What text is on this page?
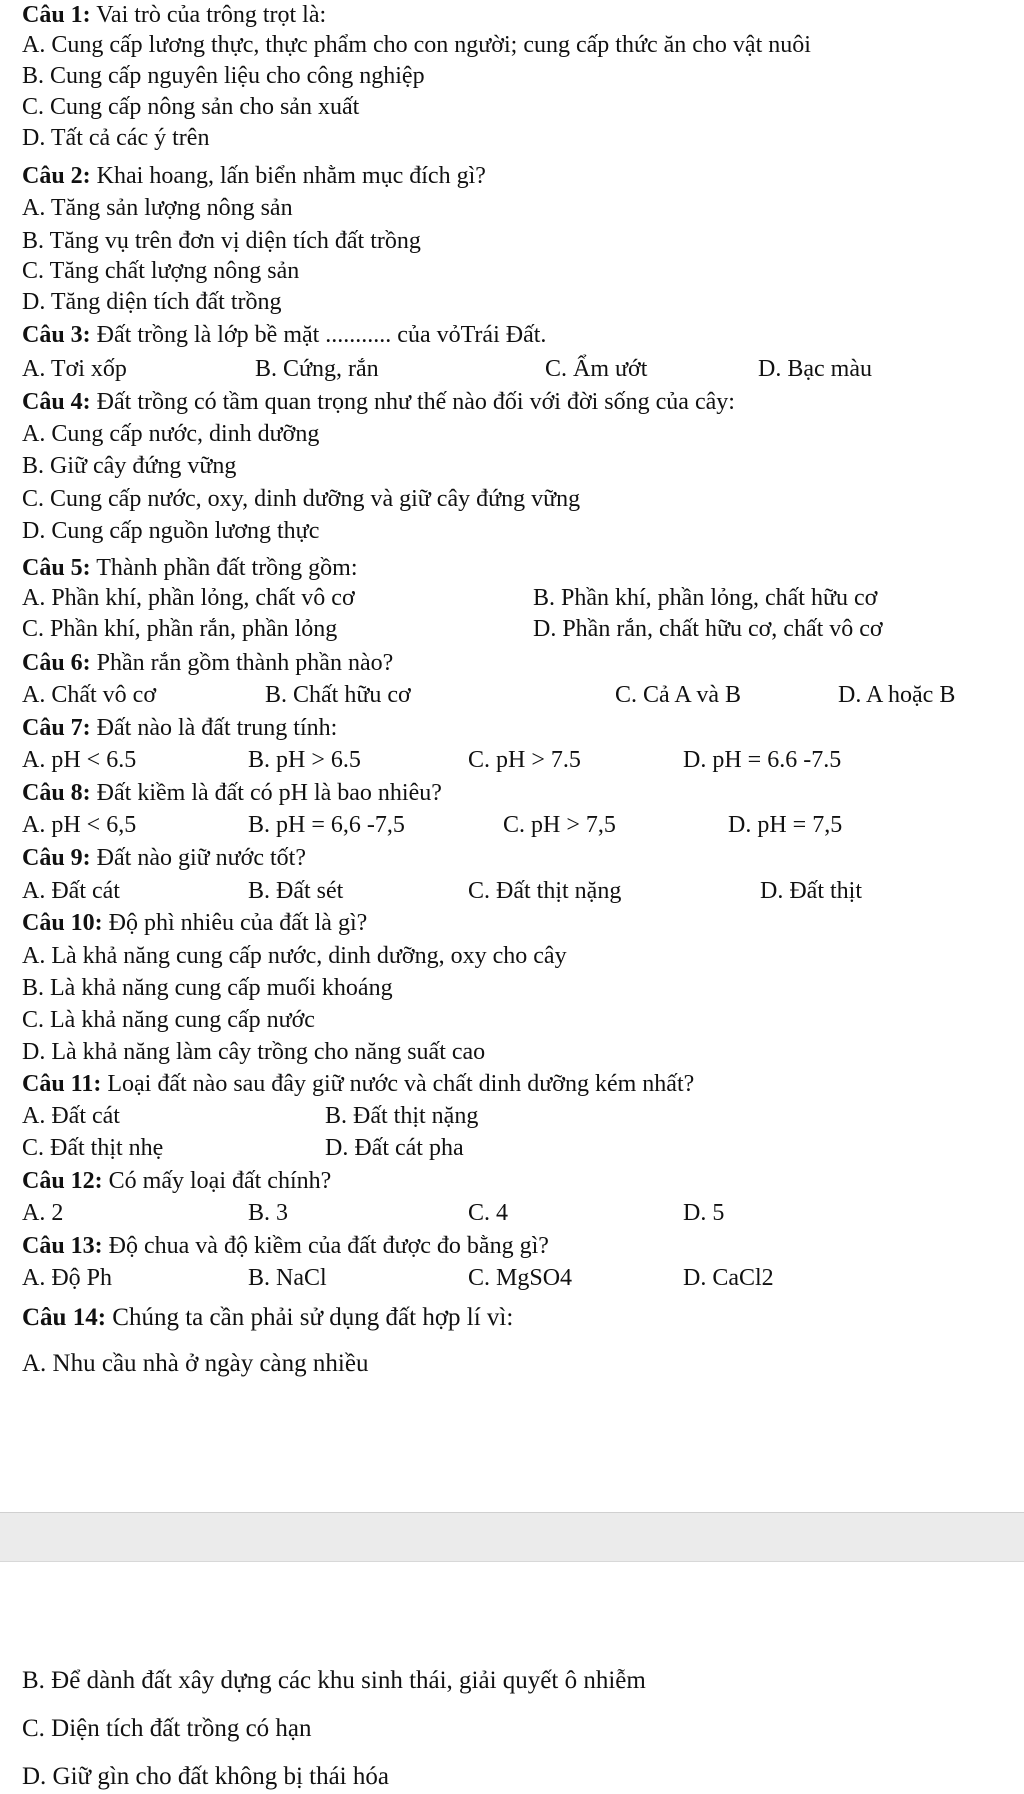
Câu 1: Vai trò của trông trọt là:

A. Cung cấp lương thực, thực phẩm cho con người; cung cấp thức ăn cho vật nuôi

B. Cung cấp nguyên liệu cho công nghiệp

C. Cung cấp nông sản cho sản xuất

D. Tất cả các ý trên

Câu 2: Khai hoang, lấn biển nhằm mục đích gì?

A. Tăng sản lượng nông sản

B. Tăng vụ trên đơn vị diện tích đất trồng

C. Tăng chất lượng nông sản

D. Tăng diện tích đất trồng

Câu 3: Đất trồng là lớp bề mặt ........... của vỏTrái Đất.

A. Tơi xốp	B. Cứng, rắn	C. Ẩm ướt	D. Bạc màu

Câu 4: Đất trồng có tầm quan trọng như thế nào đối với đời sống của cây:

A. Cung cấp nước, dinh dưỡng

B. Giữ cây đứng vững

C. Cung cấp nước, oxy, dinh dưỡng và giữ cây đứng vững

D. Cung cấp nguồn lương thực

Câu 5: Thành phần đất trồng gồm:

A. Phần khí, phần lỏng, chất vô cơ	B. Phần khí, phần lỏng, chất hữu cơ
C. Phần khí, phần rắn, phần lỏng	D. Phần rắn, chất hữu cơ, chất vô cơ

Câu 6: Phần rắn gồm thành phần nào?

A. Chất vô cơ	B. Chất hữu cơ	C. Cả A và B	D. A hoặc B

Câu 7: Đất nào là đất trung tính:

A. pH < 6.5	B. pH > 6.5	C. pH > 7.5	D. pH = 6.6 -7.5

Câu 8: Đất kiềm là đất có pH là bao nhiêu?

A. pH < 6,5	B. pH = 6,6 -7,5	C. pH > 7,5	D. pH = 7,5

Câu 9: Đất nào giữ nước tốt?

A. Đất cát	B. Đất sét	C. Đất thịt nặng	D. Đất thịt

Câu 10: Độ phì nhiêu của đất là gì?

A. Là khả năng cung cấp nước, dinh dưỡng, oxy cho cây

B. Là khả năng cung cấp muối khoáng

C. Là khả năng cung cấp nước

D. Là khả năng làm cây trồng cho năng suất cao

Câu 11: Loại đất nào sau đây giữ nước và chất dinh dưỡng kém nhất?

A. Đất cát	B. Đất thịt nặng
C. Đất thịt nhẹ	D. Đất cát pha

Câu 12: Có mấy loại đất chính?

A. 2	B. 3	C. 4	D. 5

Câu 13: Độ chua và độ kiềm của đất được đo bằng gì?

A. Độ Ph	B. NaCl	C. MgSO4	D. CaCl2

Câu 14: Chúng ta cần phải sử dụng đất hợp lí vì:

A. Nhu cầu nhà ở ngày càng nhiều

B. Để dành đất xây dựng các khu sinh thái, giải quyết ô nhiễm

C. Diện tích đất trồng có hạn

D. Giữ gìn cho đất không bị thái hóa
